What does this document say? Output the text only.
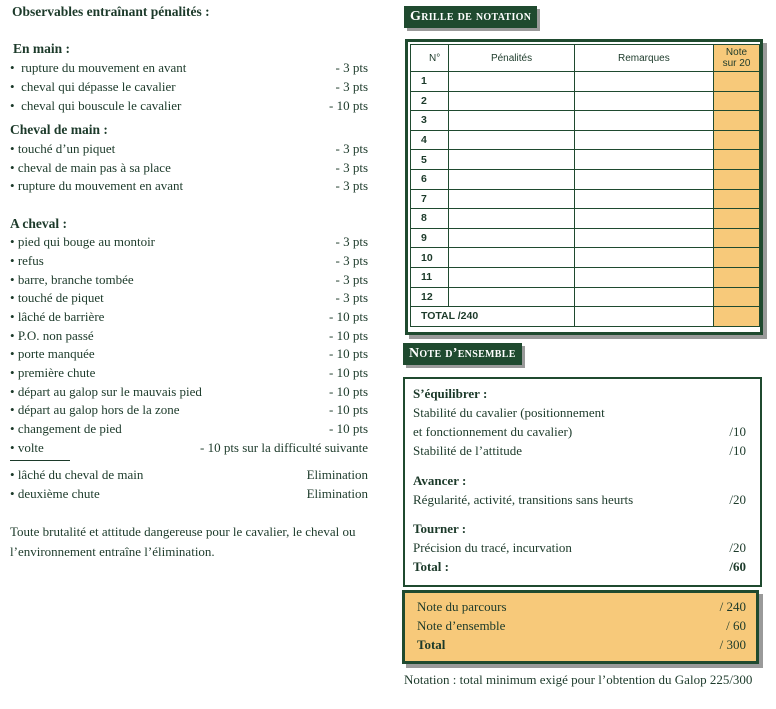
Observables entraînant pénalités :
En main :
•  rupture du mouvement en avant	- 3 pts
•  cheval qui dépasse le cavalier	- 3 pts
•  cheval qui bouscule le cavalier	- 10 pts
Cheval de main :
• touché d’un piquet	- 3 pts
• cheval de main pas à sa place	- 3 pts
• rupture du mouvement en avant	- 3 pts
A cheval :
• pied qui bouge au montoir	- 3 pts
• refus	- 3 pts
• barre, branche tombée	- 3 pts
• touché de piquet	- 3 pts
• lâché de barrière	- 10 pts
• P.O. non passé	- 10 pts
• porte manquée	- 10 pts
• première chute	- 10 pts
• départ au galop sur le mauvais pied	- 10 pts
• départ au galop hors de la zone	- 10 pts
• changement de pied	- 10 pts
• volte	- 10 pts sur la difficulté suivante
• lâché du cheval de main	Elimination
• deuxième chute	Elimination
Toute brutalité et attitude dangereuse pour le cavalier, le cheval ou l’environnement entraîne l’élimination.
Grille de notation
N°	Pénalités	Remarques	Note
sur 20
1			
2			
3			
4			
5			
6			
7			
8			
9			
10			
11			
12			
TOTAL /240			
Note d’ensemble
S’équilibrer :
Stabilité du cavalier (positionnement
et fonctionnement du cavalier)	/10
Stabilité de l’attitude	/10
Avancer :
Régularité, activité, transitions sans heurts	/20
Tourner :
Précision du tracé, incurvation	/20
Total :	/60
Note du parcours	/ 240
Note d’ensemble	/ 60
Total	/ 300
Notation : total minimum exigé pour l’obtention du Galop 225/300
